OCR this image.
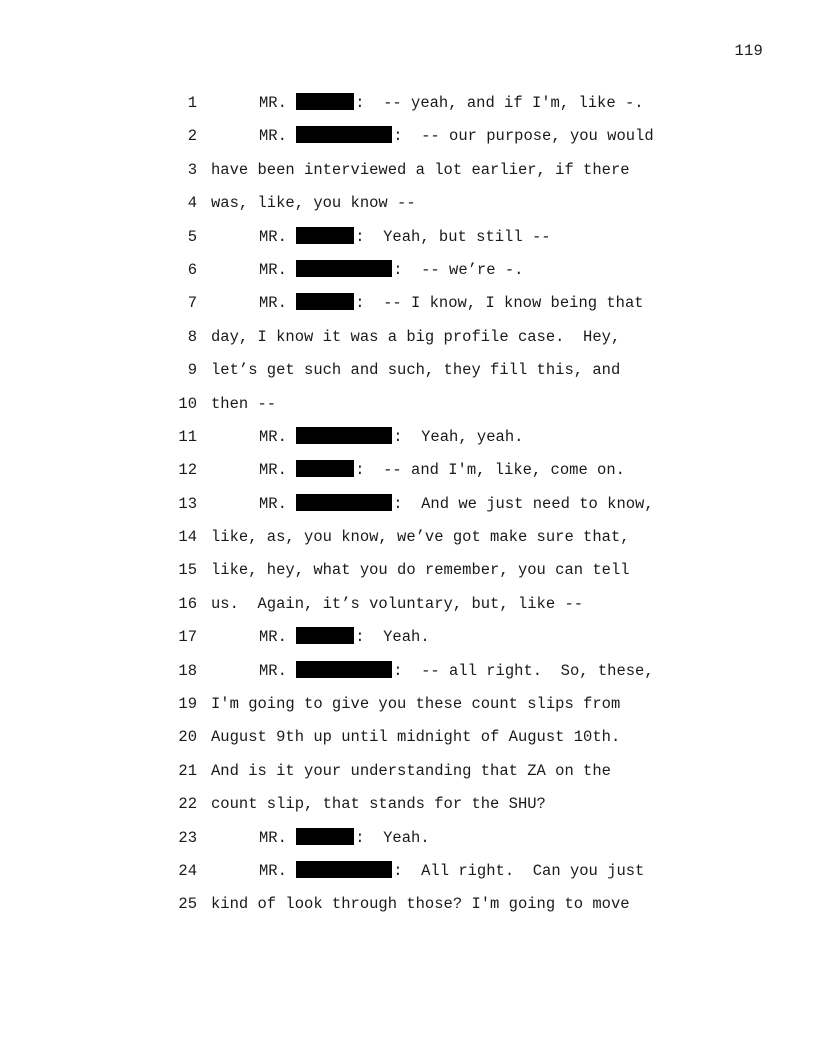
119
1	MR.	:  -- yeah, and if I'm, like -.
2	MR.	:  -- our purpose, you would
3 have been interviewed a lot earlier, if there
4 was, like, you know --
5	MR.	:  Yeah, but still --
6	MR.	:  -- we’re -.
7	MR.	:  -- I know, I know being that
8 day, I know it was a big profile case.  Hey,
9 let’s get such and such, they fill this, and
10 then --
11	MR.	:  Yeah, yeah.
12	MR.	:  -- and I'm, like, come on.
13	MR.	:  And we just need to know,
14 like, as, you know, we’ve got make sure that,
15 like, hey, what you do remember, you can tell
16 us.  Again, it’s voluntary, but, like --
17	MR.	:  Yeah.
18	MR.	:  -- all right.  So, these,
19 I'm going to give you these count slips from
20 August 9th up until midnight of August 10th.
21 And is it your understanding that ZA on the
22 count slip, that stands for the SHU?
23	MR.	:  Yeah.
24	MR.	:  All right.  Can you just
25 kind of look through those? I'm going to move
